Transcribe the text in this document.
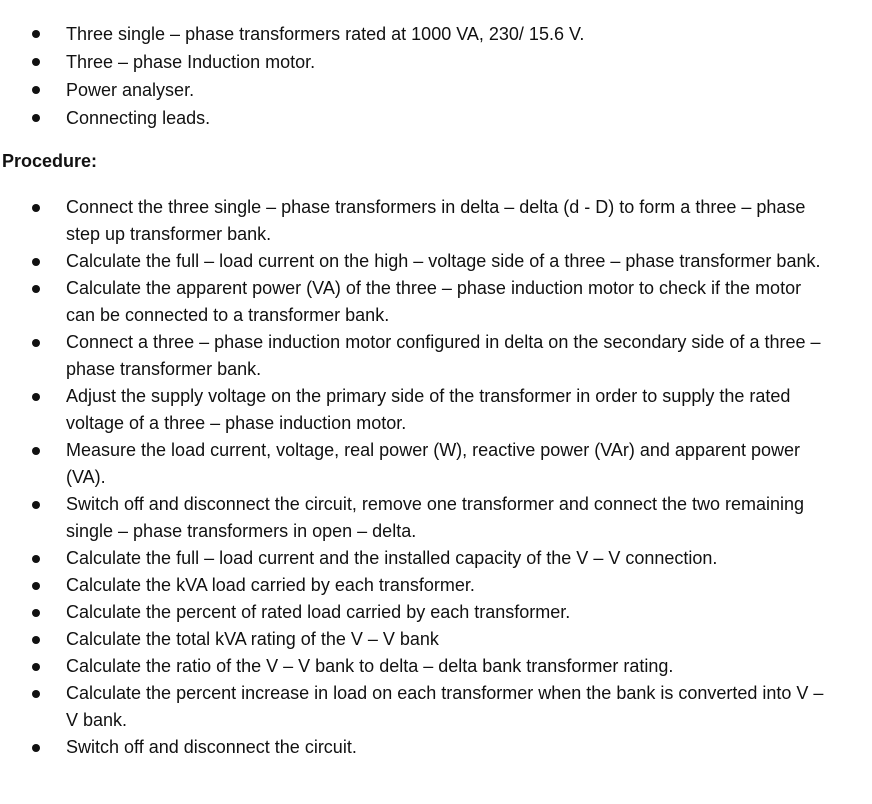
Three single – phase transformers rated at 1000 VA, 230/ 15.6 V.
Three – phase Induction motor.
Power analyser.
Connecting leads.
Procedure:
Connect the three single – phase transformers in delta – delta (d - D) to form a three – phase step up transformer bank.
Calculate the full – load current on the high – voltage side of a three – phase transformer bank.
Calculate the apparent power (VA) of the three – phase induction motor to check if the motor can be connected to a transformer bank.
Connect a three – phase induction motor configured in delta on the secondary side of a three – phase transformer bank.
Adjust the supply voltage on the primary side of the transformer in order to supply the rated voltage of a three – phase induction motor.
Measure the load current, voltage, real power (W), reactive power (VAr) and apparent power (VA).
Switch off and disconnect the circuit, remove one transformer and connect the two remaining single – phase transformers in open – delta.
Calculate the full – load current and the installed capacity of the V – V connection.
Calculate the kVA load carried by each transformer.
Calculate the percent of rated load carried by each transformer.
Calculate the total kVA rating of the V – V bank
Calculate the ratio of the V – V bank to delta – delta bank transformer rating.
Calculate the percent increase in load on each transformer when the bank is converted into V – V bank.
Switch off and disconnect the circuit.
